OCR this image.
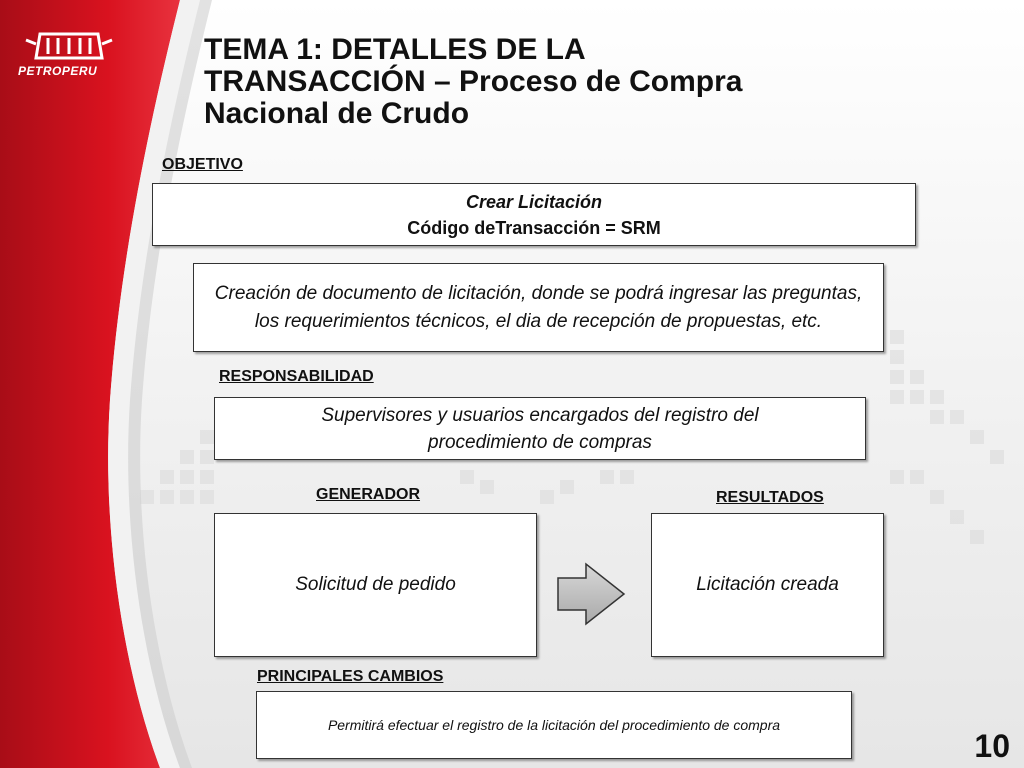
PETROPERU
TEMA 1: DETALLES DE LA
TRANSACCIÓN – Proceso de Compra
Nacional de Crudo
OBJETIVO
Crear Licitación
Código deTransacción = SRM
Creación de documento de licitación, donde se podrá ingresar las preguntas, los requerimientos técnicos, el dia de recepción de propuestas, etc.
RESPONSABILIDAD
Supervisores y usuarios encargados del registro del procedimiento de compras
GENERADOR	RESULTADOS
Solicitud de pedido	Licitación creada
PRINCIPALES CAMBIOS
Permitirá efectuar el registro de la licitación del procedimiento de compra
10
